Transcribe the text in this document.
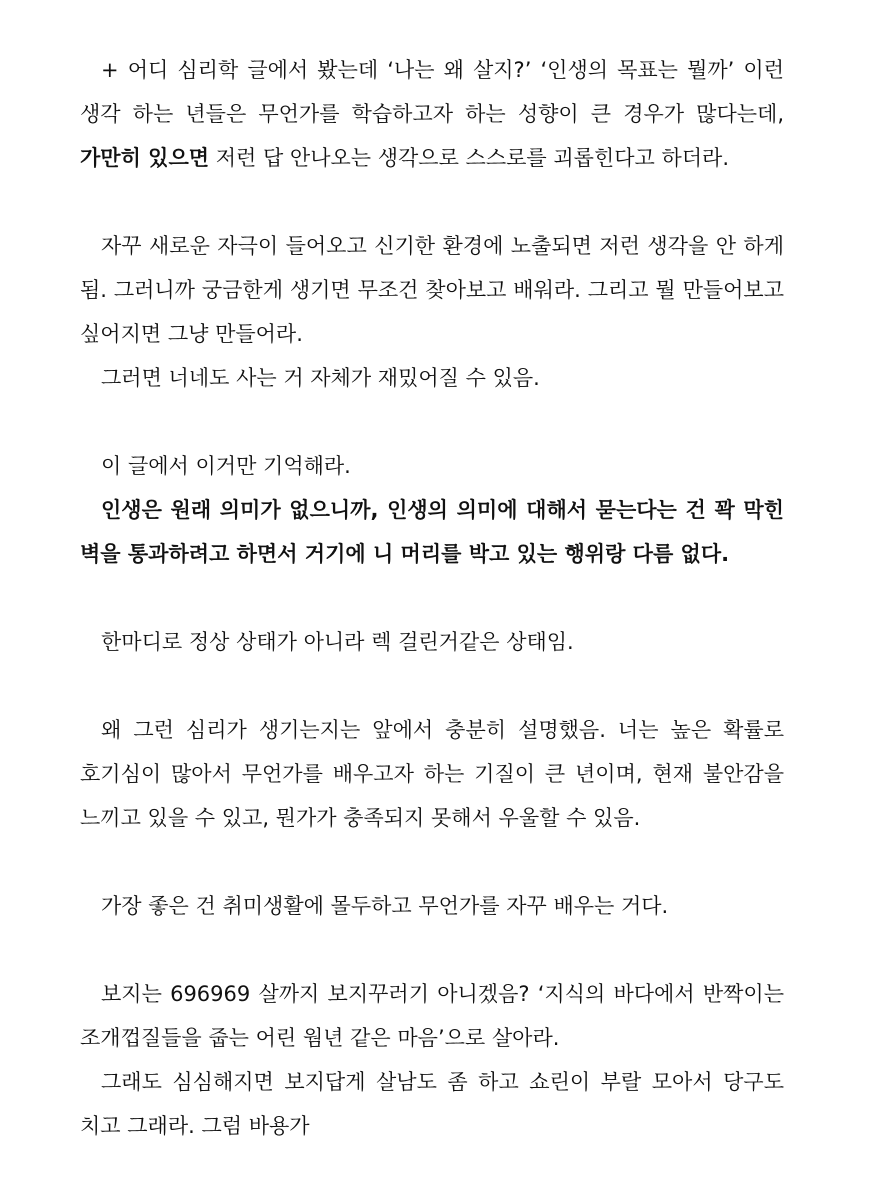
+ 어디 심리학 글에서 봤는데 ‘나는 왜 살지?’ ‘인생의 목표는 뭘까’ 이런 생각 하는 년들은 무언가를 학습하고자 하는 성향이 큰 경우가 많다는데, 가만히 있으면 저런 답 안나오는 생각으로 스스로를 괴롭힌다고 하더라.

자꾸 새로운 자극이 들어오고 신기한 환경에 노출되면 저런 생각을 안 하게 됨. 그러니까 궁금한게 생기면 무조건 찾아보고 배워라. 그리고 뭘 만들어보고 싶어지면 그냥 만들어라.

그러면 너네도 사는 거 자체가 재밌어질 수 있음.

이 글에서 이거만 기억해라.

인생은 원래 의미가 없으니까, 인생의 의미에 대해서 묻는다는 건 꽉 막힌 벽을 통과하려고 하면서 거기에 니 머리를 박고 있는 행위랑 다름 없다.

한마디로 정상 상태가 아니라 렉 걸린거같은 상태임.

왜 그런 심리가 생기는지는 앞에서 충분히 설명했음. 너는 높은 확률로 호기심이 많아서 무언가를 배우고자 하는 기질이 큰 년이며, 현재 불안감을 느끼고 있을 수 있고, 뭔가가 충족되지 못해서 우울할 수 있음.

가장 좋은 건 취미생활에 몰두하고 무언가를 자꾸 배우는 거다.

보지는 696969 살까지 보지꾸러기 아니겠음? ‘지식의 바다에서 반짝이는 조개껍질들을 줍는 어린 웜년 같은 마음’으로 살아라.

그래도 심심해지면 보지답게 살남도 좀 하고 쇼린이 부랄 모아서 당구도 치고 그래라. 그럼 바용가
